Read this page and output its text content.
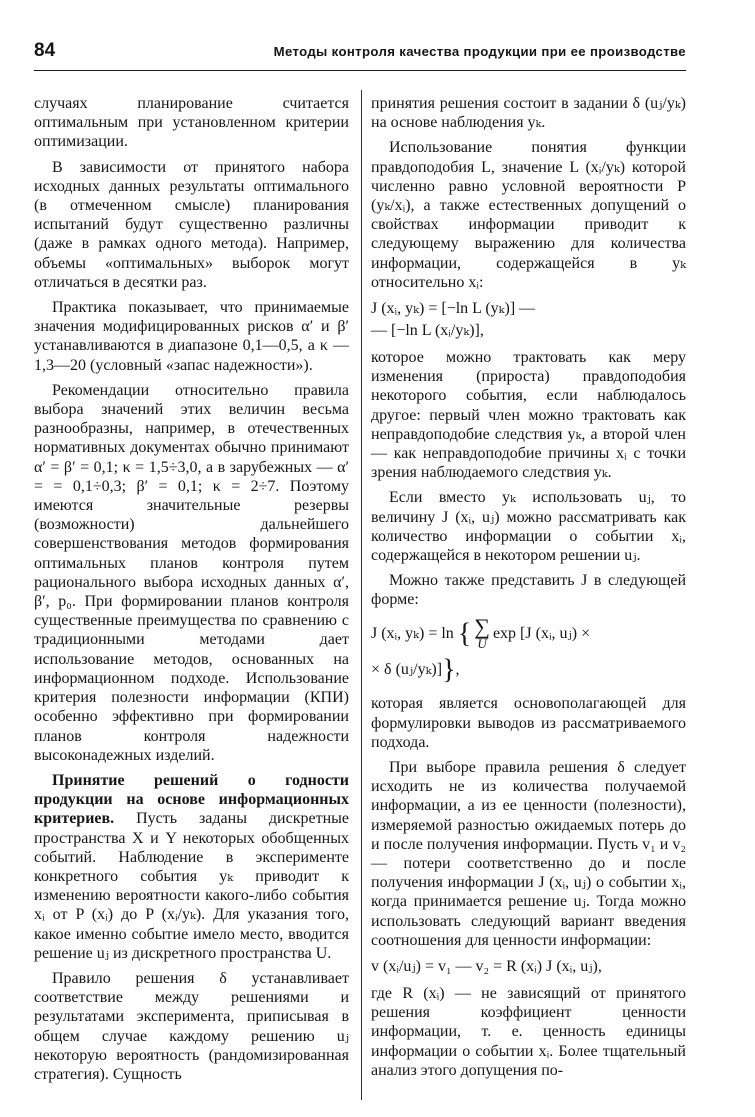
84	Методы контроля качества продукции при ее производстве

случаях планирование считается оптимальным при установленном критерии оптимизации.

В зависимости от принятого набора исходных данных результаты оптимального (в отмеченном смысле) планирования испытаний будут существенно различны (даже в рамках одного метода). Например, объемы «оптимальных» выборок могут отличаться в десятки раз.

Практика показывает, что принимаемые значения модифицированных рисков α′ и β′ устанавливаются в диапазоне 0,1—0,5, а κ — 1,3—20 (условный «запас надежности»).

Рекомендации относительно правила выбора значений этих величин весьма разнообразны, например, в отечественных нормативных документах обычно принимают α′ = β′ = 0,1; κ = 1,5÷3,0, а в зарубежных — α′ = = 0,1÷0,3; β′ = 0,1; κ = 2÷7. Поэтому имеются значительные резервы (возможности) дальнейшего совершенствования методов формирования оптимальных планов контроля путем рационального выбора исходных данных α′, β′, p₀. При формировании планов контроля существенные преимущества по сравнению с традиционными методами дает использование методов, основанных на информационном подходе. Использование критерия полезности информации (КПИ) особенно эффективно при формировании планов контроля надежности высоконадежных изделий.

Принятие решений о годности продукции на основе информационных критериев. Пусть заданы дискретные пространства X и Y некоторых обобщенных событий. Наблюдение в эксперименте конкретного события yₖ приводит к изменению вероятности какого-либо события xᵢ от P (xᵢ) до P (xᵢ/yₖ). Для указания того, какое именно событие имело место, вводится решение uⱼ из дискретного пространства U.

Правило решения δ устанавливает соответствие между решениями и результатами эксперимента, приписывая в общем случае каждому решению uⱼ некоторую вероятность (рандомизированная стратегия). Сущность

принятия решения состоит в задании δ (uⱼ/yₖ) на основе наблюдения yₖ.

Использование понятия функции правдоподобия L, значение L (xᵢ/yₖ) которой численно равно условной вероятности P (yₖ/xᵢ), а также естественных допущений о свойствах информации приводит к следующему выражению для количества информации, содержащейся в yₖ относительно xᵢ:

J (xᵢ, yₖ) = [−ln L (yₖ)] —
— [−ln L (xᵢ/yₖ)],

которое можно трактовать как меру изменения (прироста) правдоподобия некоторого события, если наблюдалось другое: первый член можно трактовать как неправдоподобие следствия yₖ, а второй член — как неправдоподобие причины xᵢ с точки зрения наблюдаемого следствия yₖ.

Если вместо yₖ использовать uⱼ, то величину J (xᵢ, uⱼ) можно рассматривать как количество информации о событии xᵢ, содержащейся в некотором решении uⱼ.

Можно также представить J в следующей форме:

J (xᵢ, yₖ) = ln { ∑
U
exp [J (xᵢ, uⱼ) ×
× δ (uⱼ/yₖ)]},

которая является основополагающей для формулировки выводов из рассматриваемого подхода.

При выборе правила решения δ следует исходить не из количества получаемой информации, а из ее ценности (полезности), измеряемой разностью ожидаемых потерь до и после получения информации. Пусть v₁ и v₂ — потери соответственно до и после получения информации J (xᵢ, uⱼ) о событии xᵢ, когда принимается решение uⱼ. Тогда можно использовать следующий вариант введения соотношения для ценности информации:

v (xᵢ/uⱼ) = v₁ — v₂ = R (xᵢ) J (xᵢ, uⱼ),

где R (xᵢ) — не зависящий от принятого решения коэффициент ценности информации, т. е. ценность единицы информации о событии xᵢ. Более тщательный анализ этого допущения по-
